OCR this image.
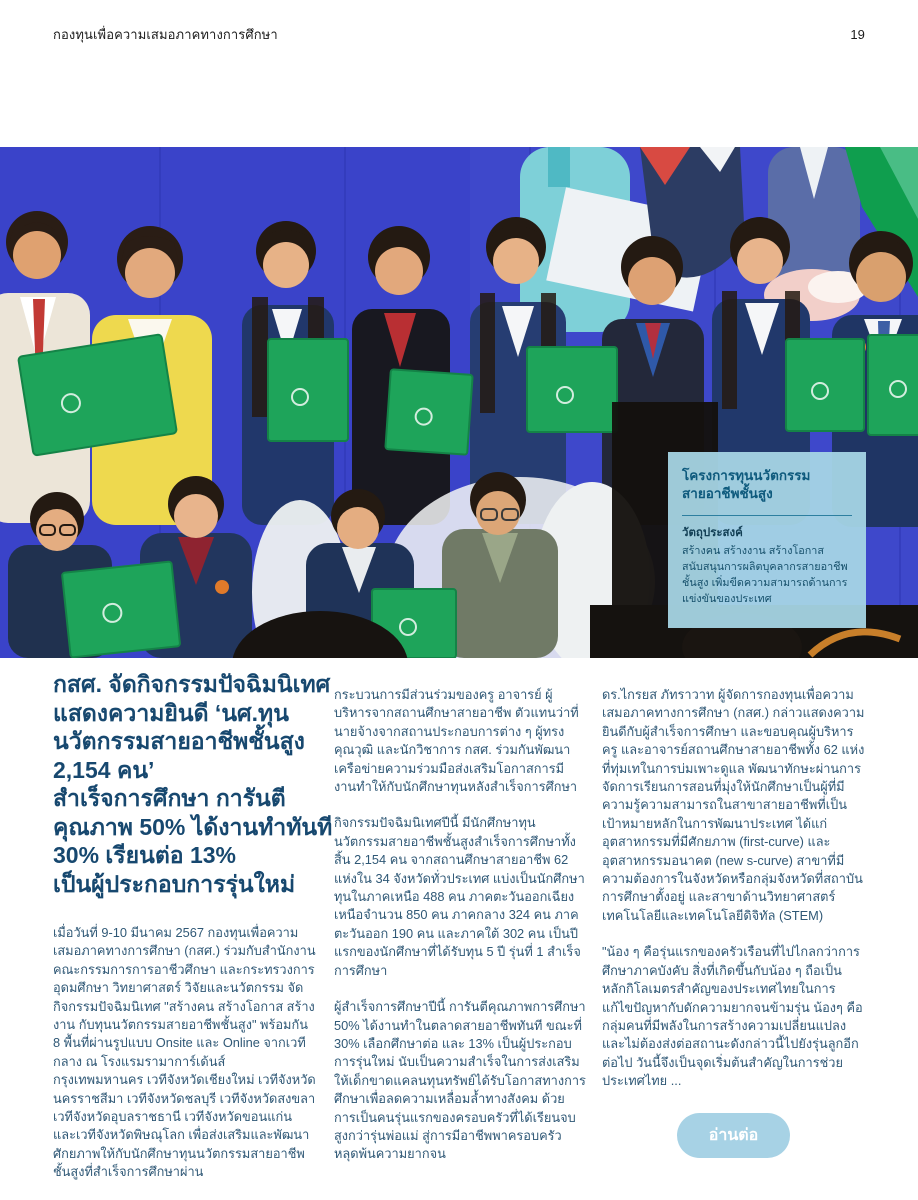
กองทุนเพื่อความเสมอภาคทางการศึกษา	19
โครงการทุนนวัตกรรม
สายอาชีพชั้นสูง
วัตถุประสงค์
สร้างคน สร้างงาน สร้างโอกาส สนับสนุนการผลิตบุคลากรสายอาชีพชั้นสูง เพิ่มขีดความสามารถด้านการแข่งขันของประเทศ
กสศ. จัดกิจกรรมปัจฉิมนิเทศ
แสดงความยินดี ‘นศ.ทุน
นวัตกรรมสายอาชีพชั้นสูง
2,154 คน’
สำเร็จการศึกษา การันตี
คุณภาพ 50% ได้งานทำทันที
30% เรียนต่อ 13%
เป็นผู้ประกอบการรุ่นใหม่

เมื่อวันที่ 9-10 มีนาคม 2567 กองทุนเพื่อความเสมอภาคทางการศึกษา (กสศ.) ร่วมกับสำนักงานคณะกรรมการการอาชีวศึกษา และกระทรวงการอุดมศึกษา วิทยาศาสตร์ วิจัยและนวัตกรรม จัดกิจกรรมปัจฉิมนิเทศ "สร้างคน สร้างโอกาส สร้างงาน กับทุนนวัตกรรมสายอาชีพชั้นสูง" พร้อมกัน 8 พื้นที่ผ่านรูปแบบ Onsite และ Online จากเวทีกลาง ณ โรงแรมรามาการ์เด้นส์ กรุงเทพมหานคร เวทีจังหวัดเชียงใหม่ เวทีจังหวัดนครราชสีมา เวทีจังหวัดชลบุรี เวทีจังหวัดสงขลา เวทีจังหวัดอุบลราชธานี เวทีจังหวัดขอนแก่น และเวทีจังหวัดพิษณุโลก เพื่อส่งเสริมและพัฒนาศักยภาพให้กับนักศึกษาทุนนวัตกรรมสายอาชีพชั้นสูงที่สำเร็จการศึกษาผ่าน

กระบวนการมีส่วนร่วมของครู อาจารย์ ผู้บริหารจากสถานศึกษาสายอาชีพ ตัวแทนว่าที่นายจ้างจากสถานประกอบการต่าง ๆ ผู้ทรงคุณวุฒิ และนักวิชาการ กสศ. ร่วมกันพัฒนาเครือข่ายความร่วมมือส่งเสริมโอกาสการมีงานทำให้กับนักศึกษาทุนหลังสำเร็จการศึกษา

กิจกรรมปัจฉิมนิเทศปีนี้ มีนักศึกษาทุนนวัตกรรมสายอาชีพชั้นสูงสำเร็จการศึกษาทั้งสิ้น 2,154 คน จากสถานศึกษาสายอาชีพ 62 แห่งใน 34 จังหวัดทั่วประเทศ แบ่งเป็นนักศึกษาทุนในภาคเหนือ 488 คน ภาคตะวันออกเฉียงเหนือจำนวน 850 คน ภาคกลาง 324 คน ภาคตะวันออก 190 คน และภาคใต้ 302 คน เป็นปีแรกของนักศึกษาที่ได้รับทุน 5 ปี รุ่นที่ 1 สำเร็จการศึกษา

ผู้สำเร็จการศึกษาปีนี้ การันตีคุณภาพการศึกษา 50% ได้งานทำในตลาดสายอาชีพทันที ขณะที่ 30% เลือกศึกษาต่อ และ 13% เป็นผู้ประกอบการรุ่นใหม่ นับเป็นความสำเร็จในการส่งเสริมให้เด็กขาดแคลนทุนทรัพย์ได้รับโอกาสทางการศึกษาเพื่อลดความเหลื่อมล้ำทางสังคม ด้วยการเป็นคนรุ่นแรกของครอบครัวที่ได้เรียนจบสูงกว่ารุ่นพ่อแม่ สู่การมีอาชีพพาครอบครัวหลุดพ้นความยากจน

ดร.ไกรยส ภัทราวาท ผู้จัดการกองทุนเพื่อความเสมอภาคทางการศึกษา (กสศ.) กล่าวแสดงความยินดีกับผู้สำเร็จการศึกษา และขอบคุณผู้บริหาร ครู และอาจารย์สถานศึกษาสายอาชีพทั้ง 62 แห่ง ที่ทุ่มเทในการบ่มเพาะดูแล พัฒนาทักษะผ่านการจัดการเรียนการสอนที่มุ่งให้นักศึกษาเป็นผู้ที่มีความรู้ความสามารถในสาขาสายอาชีพที่เป็นเป้าหมายหลักในการพัฒนาประเทศ ได้แก่ อุตสาหกรรมที่มีศักยภาพ (first-curve) และอุตสาหกรรมอนาคต (new s-curve) สาขาที่มีความต้องการในจังหวัดหรือกลุ่มจังหวัดที่สถาบันการศึกษาตั้งอยู่ และสาขาด้านวิทยาศาสตร์ เทคโนโลยีและเทคโนโลยีดิจิทัล (STEM)

"น้อง ๆ คือรุ่นแรกของครัวเรือนที่ไปไกลกว่าการศึกษาภาคบังคับ สิ่งที่เกิดขึ้นกับน้อง ๆ ถือเป็นหลักกิโลเมตรสำคัญของประเทศไทยในการแก้ไขปัญหากับดักความยากจนข้ามรุ่น น้องๆ คือกลุ่มคนที่มีพลังในการสร้างความเปลี่ยนแปลงและไม่ต้องส่งต่อสถานะดังกล่าวนี้ไปยังรุ่นลูกอีกต่อไป วันนี้จึงเป็นจุดเริ่มต้นสำคัญในการช่วยประเทศไทย ...

อ่านต่อ
